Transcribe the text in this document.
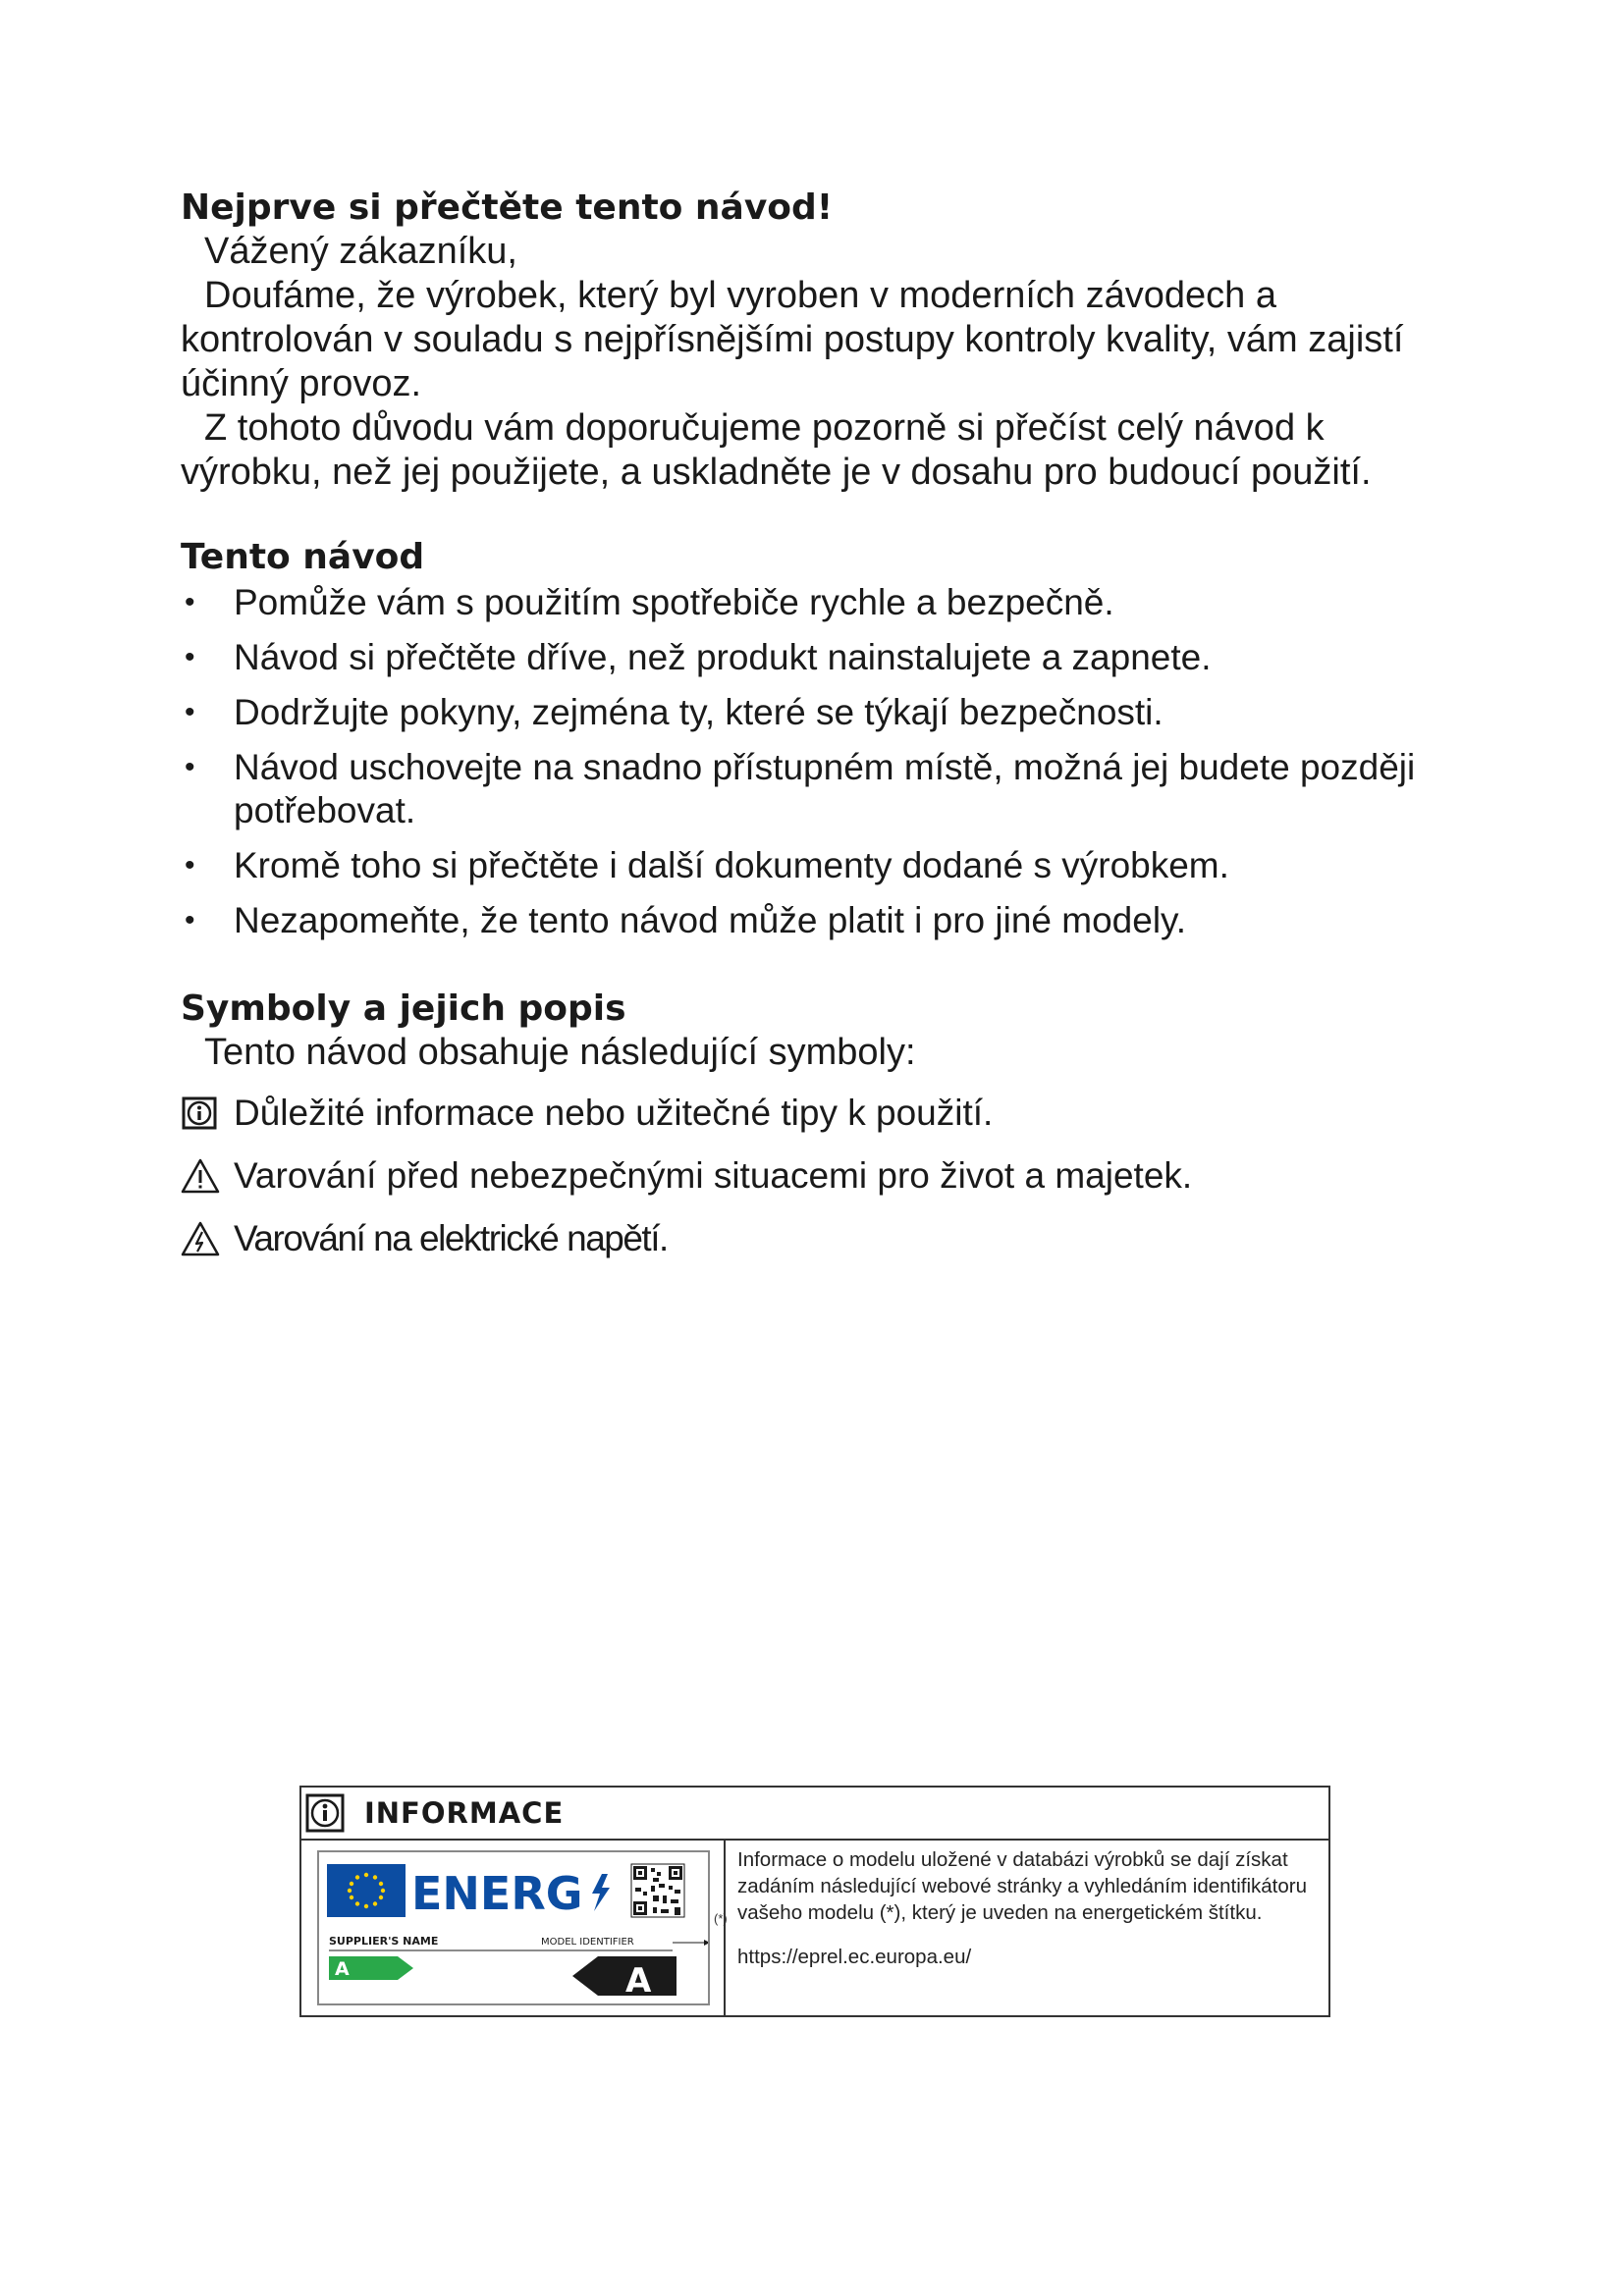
Nejprve si přečtěte tento návod!

Vážený zákazníku,

Doufáme, že výrobek, který byl vyroben v moderních závodech a kontrolován v souladu s nejpřísnějšími postupy kontroly kvality, vám zajistí účinný provoz.

Z tohoto důvodu vám doporučujeme pozorně si přečíst celý návod k výrobku, než jej použijete, a uskladněte je v dosahu pro budoucí použití.

Tento návod
• Pomůže vám s použitím spotřebiče rychle a bezpečně.
• Návod si přečtěte dříve, než produkt nainstalujete a zapnete.
• Dodržujte pokyny, zejména ty, které se týkají bezpečnosti.
• Návod uschovejte na snadno přístupném místě, možná jej budete později potřebovat.
• Kromě toho si přečtěte i další dokumenty dodané s výrobkem.
• Nezapomeňte, že tento návod může platit i pro jiné modely.
Symboly a jejich popis

Tento návod obsahuje následující symboly:

Důležité informace nebo užitečné tipy k použití.
Varování před nebezpečnými situacemi pro život a majetek.
Varování na elektrické napětí.
INFORMACE
ENERG
SUPPLIER'S NAME	MODEL IDENTIFIER
A	A
(*)
Informace o modelu uložené v databázi výrobků se dají získat zadáním následující webové stránky a vyhledáním identifikátoru vašeho modelu (*), který je uveden na energetickém štítku.
https://eprel.ec.europa.eu/
